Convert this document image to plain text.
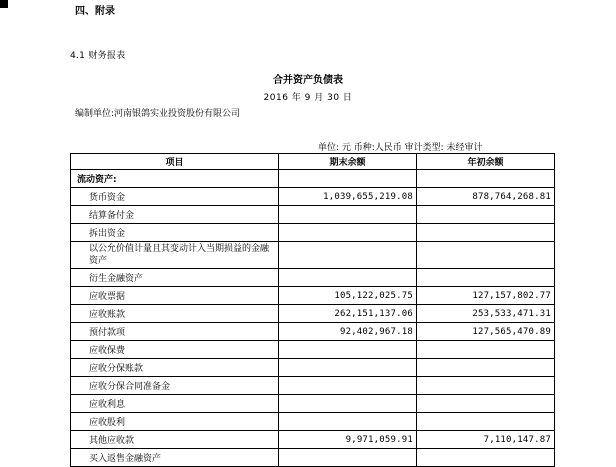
四、附录
4.1 财务报表
合并资产负债表
2016 年 9 月 30 日
编制单位:河南银鸽实业投资股份有限公司
单位: 元 币种:人民币 审计类型: 未经审计
项目	期末余额	年初余额
流动资产:		
货币资金	1,039,655,219.08	878,764,268.81
结算备付金		
拆出资金		
以公允价值计量且其变动计入当期损益的金融资产		
衍生金融资产		
应收票据	105,122,025.75	127,157,802.77
应收账款	262,151,137.06	253,533,471.31
预付款项	92,402,967.18	127,565,470.89
应收保费		
应收分保账款		
应收分保合同准备金		
应收利息		
应收股利		
其他应收款	9,971,059.91	7,110,147.87
买入返售金融资产		
